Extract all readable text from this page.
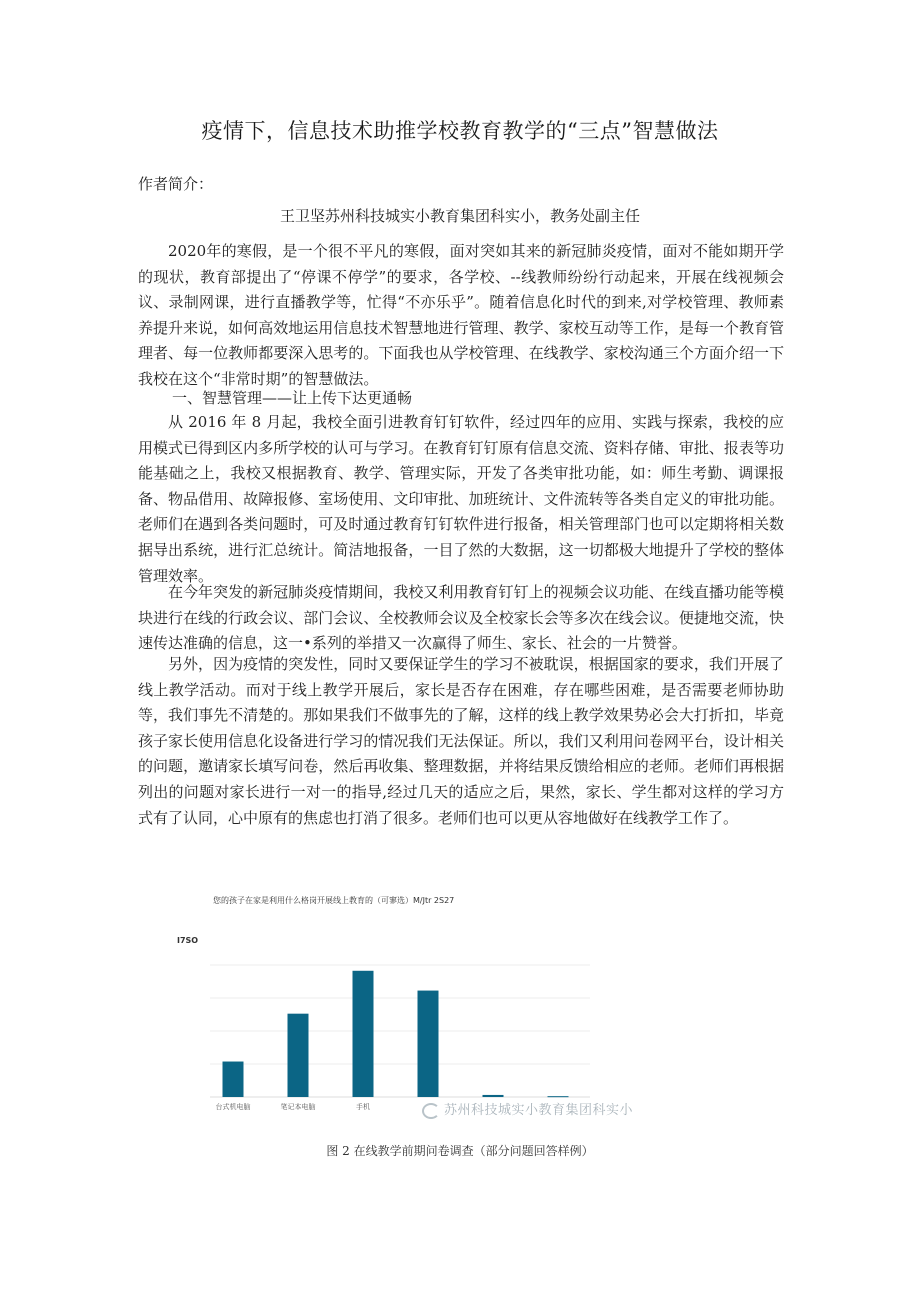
疫情下，信息技术助推学校教育教学的“三点”智慧做法
作者简介：
王卫坚苏州科技城实小教育集团科实小，教务处副主任

2020年的寒假，是一个很不平凡的寒假，面对突如其来的新冠肺炎疫情，面对不能如期开学的现状，教育部提出了“停课不停学”的要求，各学校、--线教师纷纷行动起来，开展在线视频会议、录制网课，进行直播教学等，忙得“不亦乐乎”。随着信息化时代的到来,对学校管理、教师素养提升来说，如何高效地运用信息技术智慧地进行管理、教学、家校互动等工作，是每一个教育管理者、每一位教师都要深入思考的。下面我也从学校管理、在线教学、家校沟通三个方面介绍一下我校在这个“非常时期”的智慧做法。

一、智慧管理——让上传下达更通畅

从 2016 年 8 月起，我校全面引进教育钉钉软件，经过四年的应用、实践与探索，我校的应用模式已得到区内多所学校的认可与学习。在教育钉钉原有信息交流、资料存储、审批、报表等功能基础之上，我校又根据教育、教学、管理实际，开发了各类审批功能，如：师生考勤、调课报备、物品借用、故障报修、室场使用、文印审批、加班统计、文件流转等各类自定义的审批功能。老师们在遇到各类问题时，可及时通过教育钉钉软件进行报备，相关管理部门也可以定期将相关数据导出系统，进行汇总统计。简洁地报备，一目了然的大数据，这一切都极大地提升了学校的整体管理效率。

在今年突发的新冠肺炎疫情期间，我校又利用教育钉钉上的视频会议功能、在线直播功能等模块进行在线的行政会议、部门会议、全校教师会议及全校家长会等多次在线会议。便捷地交流，快速传达准确的信息，这一•系列的举措又一次赢得了师生、家长、社会的一片赞誉。

另外，因为疫情的突发性，同时又要保证学生的学习不被耽误，根据国家的要求，我们开展了线上教学活动。而对于线上教学开展后，家长是否存在困难，存在哪些困难，是否需要老师协助等，我们事先不清楚的。那如果我们不做事先的了解，这样的线上教学效果势必会大打折扣，毕竟孩子家长使用信息化设备进行学习的情况我们无法保证。所以，我们又利用问卷网平台，设计相关的问题，邀请家长填写问卷，然后再收集、整理数据，并将结果反馈给相应的老师。老师们再根据列出的问题对家长进行一对一的指导,经过几天的适应之后，果然，家长、学生都对这样的学习方式有了认同，心中原有的焦虑也打消了很多。老师们也可以更从容地做好在线教学工作了。

您的孩子在家是利用什么格岗开展线上教育的（可寥选）M/Jtr 2S27
I7SO
台式机电脑	笔记本电脑	手机	苏州科技城实小教育集团科实小
图 2 在线教学前期问卷调查（部分问题回答样例）
